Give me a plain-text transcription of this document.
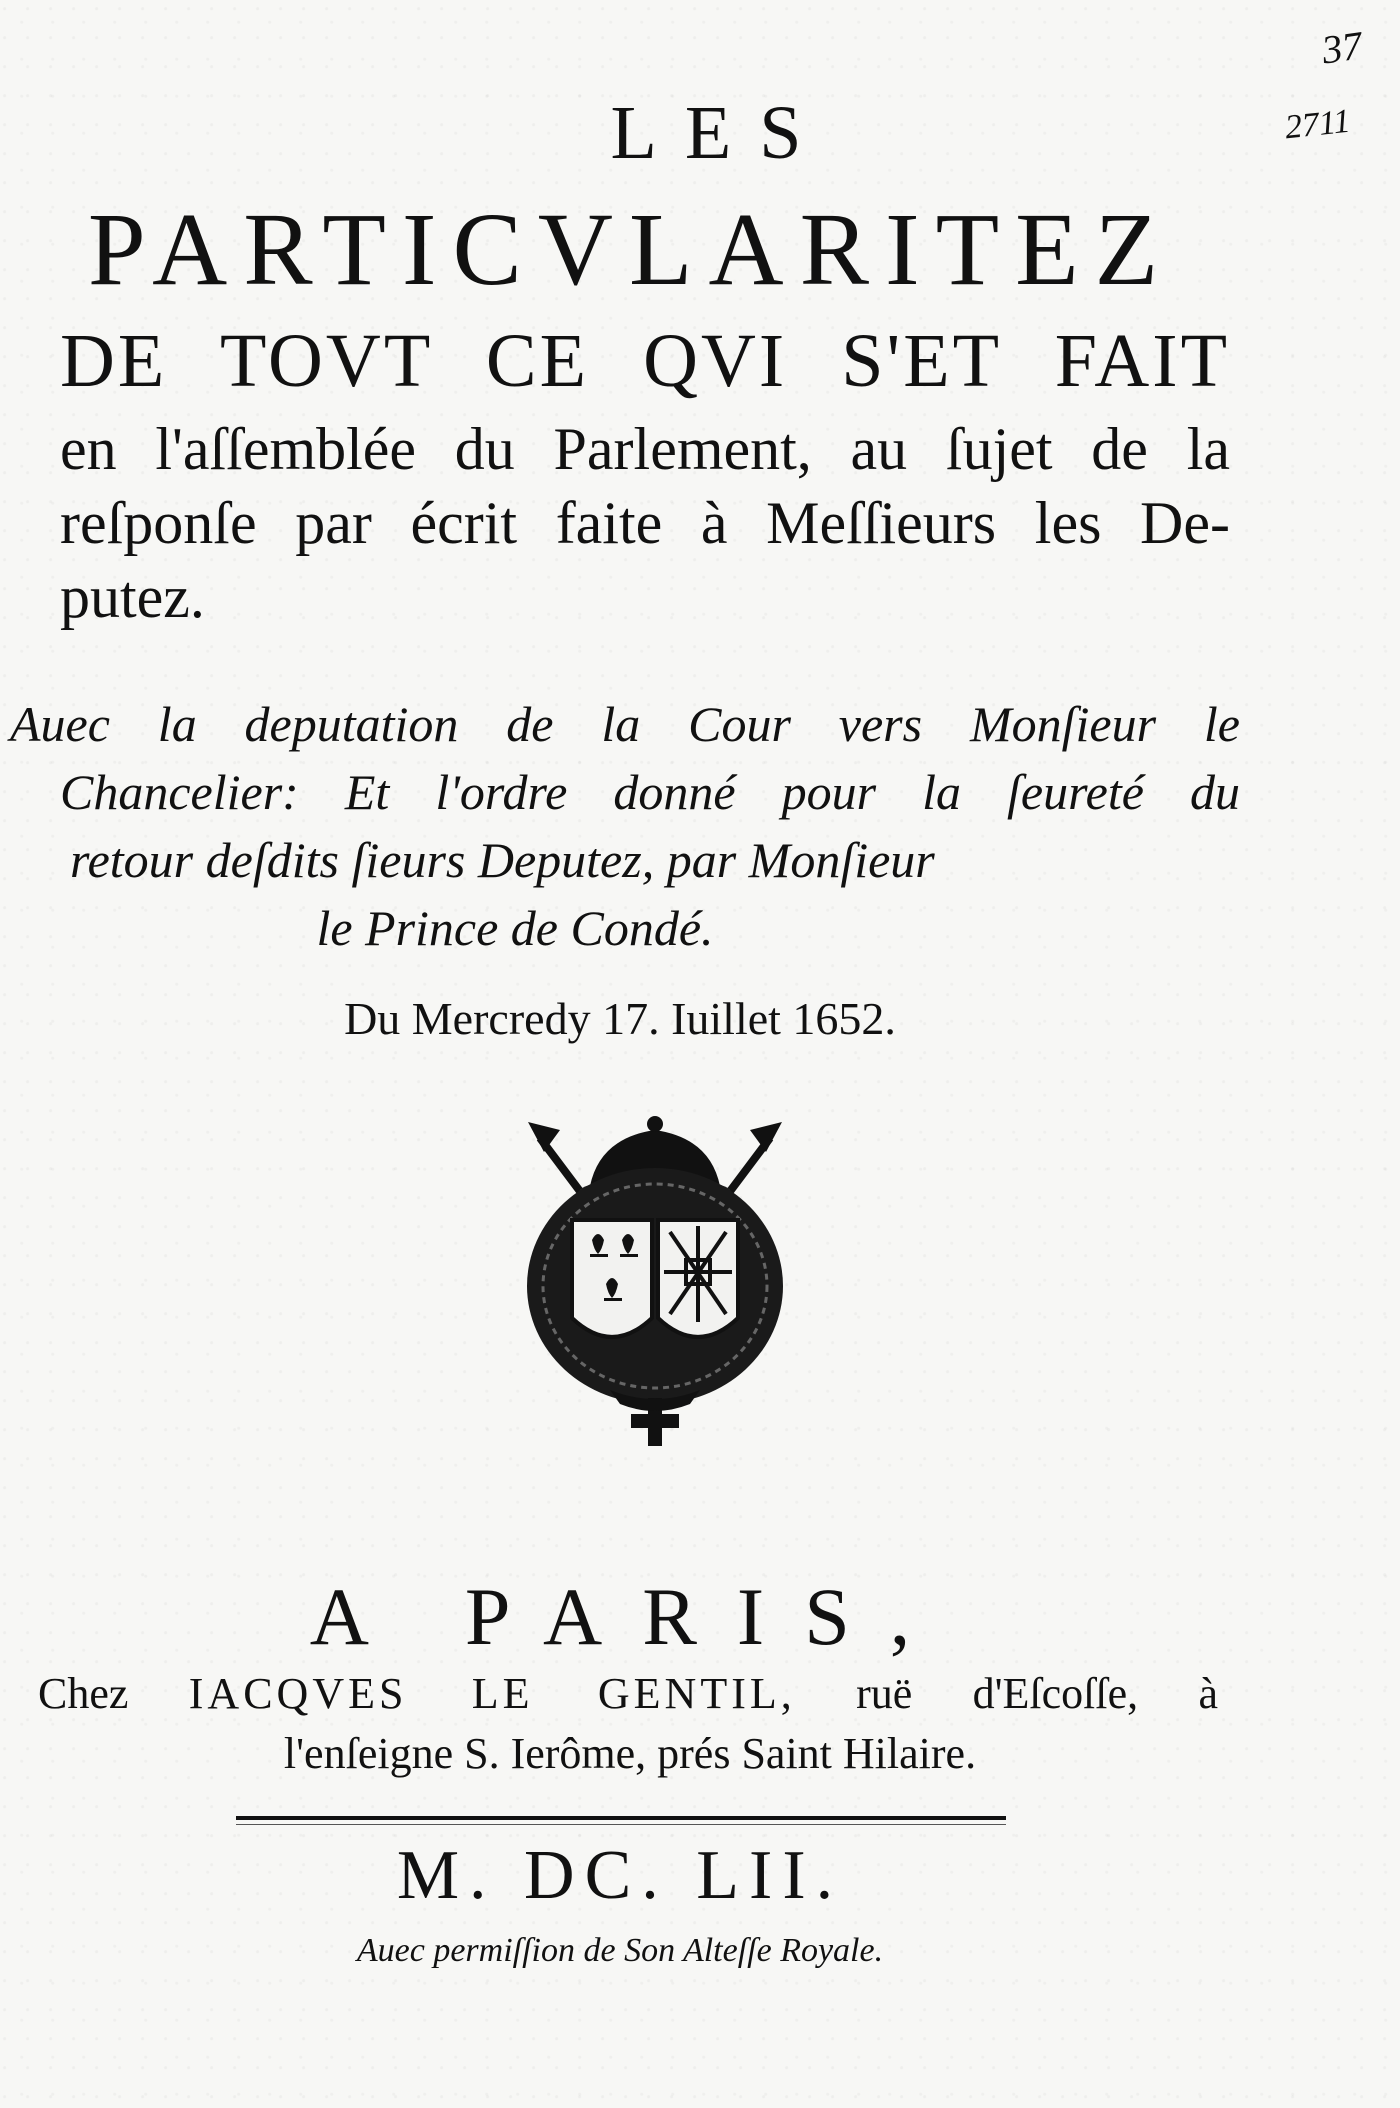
37
2711
LES
PARTICVLARITEZ
DE TOVT CE QVI S'ET FAIT
en l'aſſemblée du Parlement, au ſujet de la
reſponſe par écrit faite à Meſſieurs les De-
putez.
Auec la deputation de la Cour vers Monſieur le
Chancelier: Et l'ordre donné pour la ſeureté du
retour deſdits ſieurs Deputez, par Monſieur
le Prince de Condé.
Du Mercredy 17. Iuillet 1652.
A PARIS,
Chez IACQVES LE GENTIL, ruë d'Eſcoſſe, à
l'enſeigne S. Ierôme, prés Saint Hilaire.
M. DC. LII.
Auec permiſſion de Son Alteſſe Royale.
